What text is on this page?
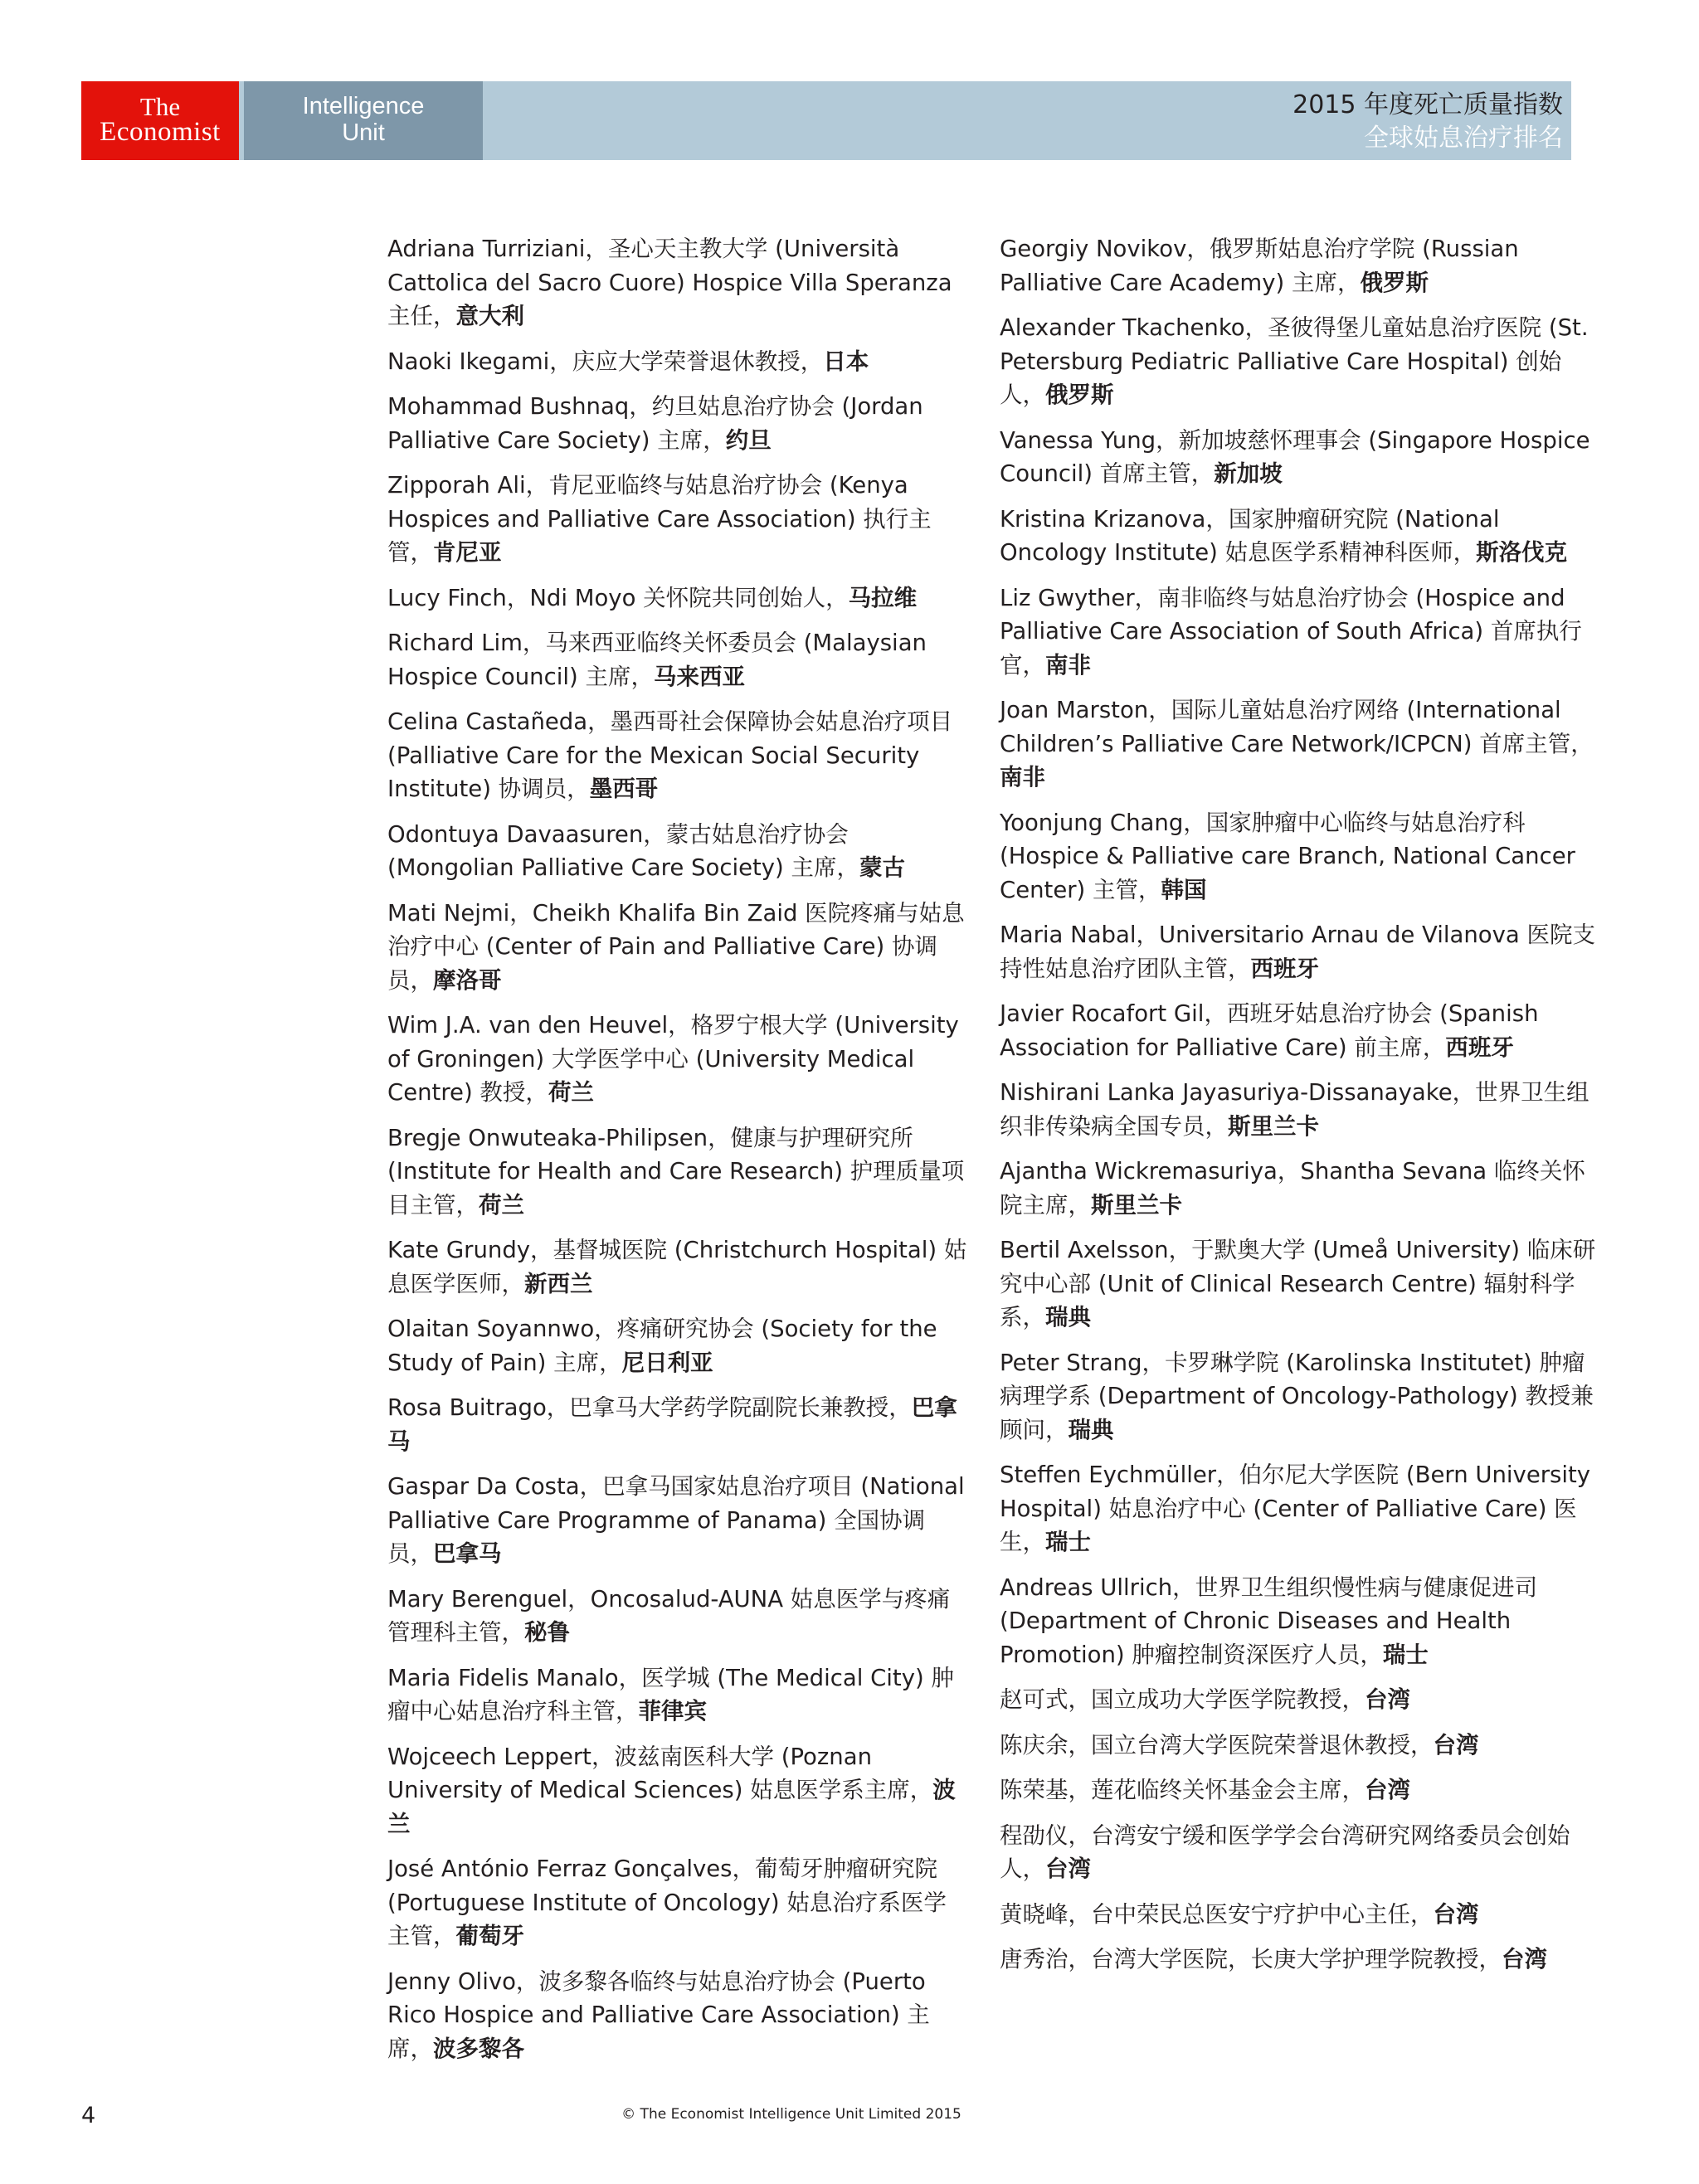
The
Economist
Intelligence
Unit
2015 年度死亡质量指数
全球姑息治疗排名
Adriana Turriziani，圣心天主教大学 (Università Cattolica del Sacro Cuore) Hospice Villa Speranza 主任，意大利
Naoki Ikegami，庆应大学荣誉退休教授，日本
Mohammad Bushnaq，约旦姑息治疗协会 (Jordan Palliative Care Society) 主席，约旦
Zipporah Ali，肯尼亚临终与姑息治疗协会 (Kenya Hospices and Palliative Care Association) 执行主管，肯尼亚
Lucy Finch，Ndi Moyo 关怀院共同创始人，马拉维
Richard Lim，马来西亚临终关怀委员会 (Malaysian Hospice Council) 主席，马来西亚
Celina Castañeda，墨西哥社会保障协会姑息治疗项目 (Palliative Care for the Mexican Social Security Institute) 协调员，墨西哥
Odontuya Davaasuren，蒙古姑息治疗协会 (Mongolian Palliative Care Society) 主席，蒙古
Mati Nejmi，Cheikh Khalifa Bin Zaid 医院疼痛与姑息治疗中心 (Center of Pain and Palliative Care) 协调员，摩洛哥
Wim J.A. van den Heuvel，格罗宁根大学 (University of Groningen) 大学医学中心 (University Medical Centre) 教授，荷兰
Bregje Onwuteaka-Philipsen，健康与护理研究所 (Institute for Health and Care Research) 护理质量项目主管，荷兰
Kate Grundy，基督城医院 (Christchurch Hospital) 姑息医学医师，新西兰
Olaitan Soyannwo，疼痛研究协会 (Society for the Study of Pain) 主席，尼日利亚
Rosa Buitrago，巴拿马大学药学院副院长兼教授，巴拿马
Gaspar Da Costa，巴拿马国家姑息治疗项目 (National Palliative Care Programme of Panama) 全国协调员，巴拿马
Mary Berenguel，Oncosalud-AUNA 姑息医学与疼痛管理科主管，秘鲁
Maria Fidelis Manalo，医学城 (The Medical City) 肿瘤中心姑息治疗科主管，菲律宾
Wojceech Leppert，波兹南医科大学 (Poznan University of Medical Sciences) 姑息医学系主席，波兰
José António Ferraz Gonçalves，葡萄牙肿瘤研究院 (Portuguese Institute of Oncology) 姑息治疗系医学主管，葡萄牙
Jenny Olivo，波多黎各临终与姑息治疗协会 (Puerto Rico Hospice and Palliative Care Association) 主席，波多黎各
Georgiy Novikov，俄罗斯姑息治疗学院 (Russian Palliative Care Academy) 主席，俄罗斯
Alexander Tkachenko，圣彼得堡儿童姑息治疗医院 (St. Petersburg Pediatric Palliative Care Hospital) 创始人，俄罗斯
Vanessa Yung，新加坡慈怀理事会 (Singapore Hospice Council) 首席主管，新加坡
Kristina Krizanova，国家肿瘤研究院 (National Oncology Institute) 姑息医学系精神科医师，斯洛伐克
Liz Gwyther，南非临终与姑息治疗协会 (Hospice and Palliative Care Association of South Africa) 首席执行官，南非
Joan Marston，国际儿童姑息治疗网络 (International Children’s Palliative Care Network/ICPCN) 首席主管，南非
Yoonjung Chang，国家肿瘤中心临终与姑息治疗科(Hospice & Palliative care Branch, National Cancer Center) 主管，韩国
Maria Nabal，Universitario Arnau de Vilanova 医院支持性姑息治疗团队主管，西班牙
Javier Rocafort Gil，西班牙姑息治疗协会 (Spanish Association for Palliative Care) 前主席，西班牙
Nishirani Lanka Jayasuriya-Dissanayake，世界卫生组织非传染病全国专员，斯里兰卡
Ajantha Wickremasuriya，Shantha Sevana 临终关怀院主席，斯里兰卡
Bertil Axelsson，于默奥大学 (Umeå University) 临床研究中心部 (Unit of Clinical Research Centre) 辐射科学系，瑞典
Peter Strang，卡罗琳学院 (Karolinska Institutet) 肿瘤病理学系 (Department of Oncology-Pathology) 教授兼顾问，瑞典
Steffen Eychmüller，伯尔尼大学医院 (Bern University Hospital) 姑息治疗中心 (Center of Palliative Care) 医生，瑞士
Andreas Ullrich，世界卫生组织慢性病与健康促进司 (Department of Chronic Diseases and Health Promotion) 肿瘤控制资深医疗人员，瑞士
赵可式，国立成功大学医学院教授，台湾
陈庆余，国立台湾大学医院荣誉退休教授，台湾
陈荣基，莲花临终关怀基金会主席，台湾
程劭仪，台湾安宁缓和医学学会台湾研究网络委员会创始人，台湾
黄晓峰，台中荣民总医安宁疗护中心主任，台湾
唐秀治，台湾大学医院，长庚大学护理学院教授，台湾
4	© The Economist Intelligence Unit Limited 2015
